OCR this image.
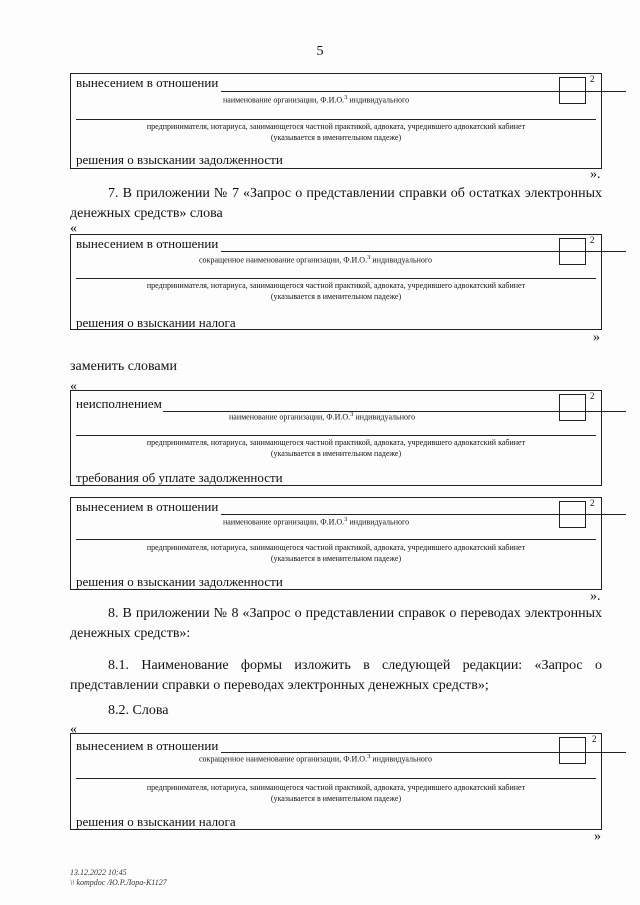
5
вынесением в отношении
наименование организации, Ф.И.О.$^3$ индивидуального
предпринимателя, нотариуса, занимающегося частной практикой, адвоката, учредившего адвокатский кабинет
(указывается в именительном падеже)
решения о взыскании задолженности
2
».
7. В приложении № 7 «Запрос о представлении справки об остатках электронных денежных средств» слова
«
вынесением в отношении
сокращенное наименование организации, Ф.И.О.$^3$ индивидуального
предпринимателя, нотариуса, занимающегося частной практикой, адвоката, учредившего адвокатский кабинет
(указывается в именительном падеже)
решения о взыскании налога
2
»
заменить словами
«
неисполнением
наименование организации, Ф.И.О.$^3$ индивидуального
предпринимателя, нотариуса, занимающегося частной практикой, адвоката, учредившего адвокатский кабинет
(указывается в именительном падеже)
требования об уплате задолженности
2
вынесением в отношении
наименование организации, Ф.И.О.$^3$ индивидуального
предпринимателя, нотариуса, занимающегося частной практикой, адвоката, учредившего адвокатский кабинет
(указывается в именительном падеже)
решения о взыскании задолженности
2
».
8. В приложении № 8 «Запрос о представлении справок о переводах электронных денежных средств»:
8.1. Наименование формы изложить в следующей редакции: «Запрос о представлении справки о переводах электронных денежных средств»;
8.2. Слова
«
вынесением в отношении
сокращенное наименование организации, Ф.И.О.$^3$ индивидуального
предпринимателя, нотариуса, занимающегося частной практикой, адвоката, учредившего адвокатский кабинет
(указывается в именительном падеже)
решения о взыскании налога
2
»
13.12.2022 10:45
\\ kompdoc /Ю.Р.Лора-К1127
